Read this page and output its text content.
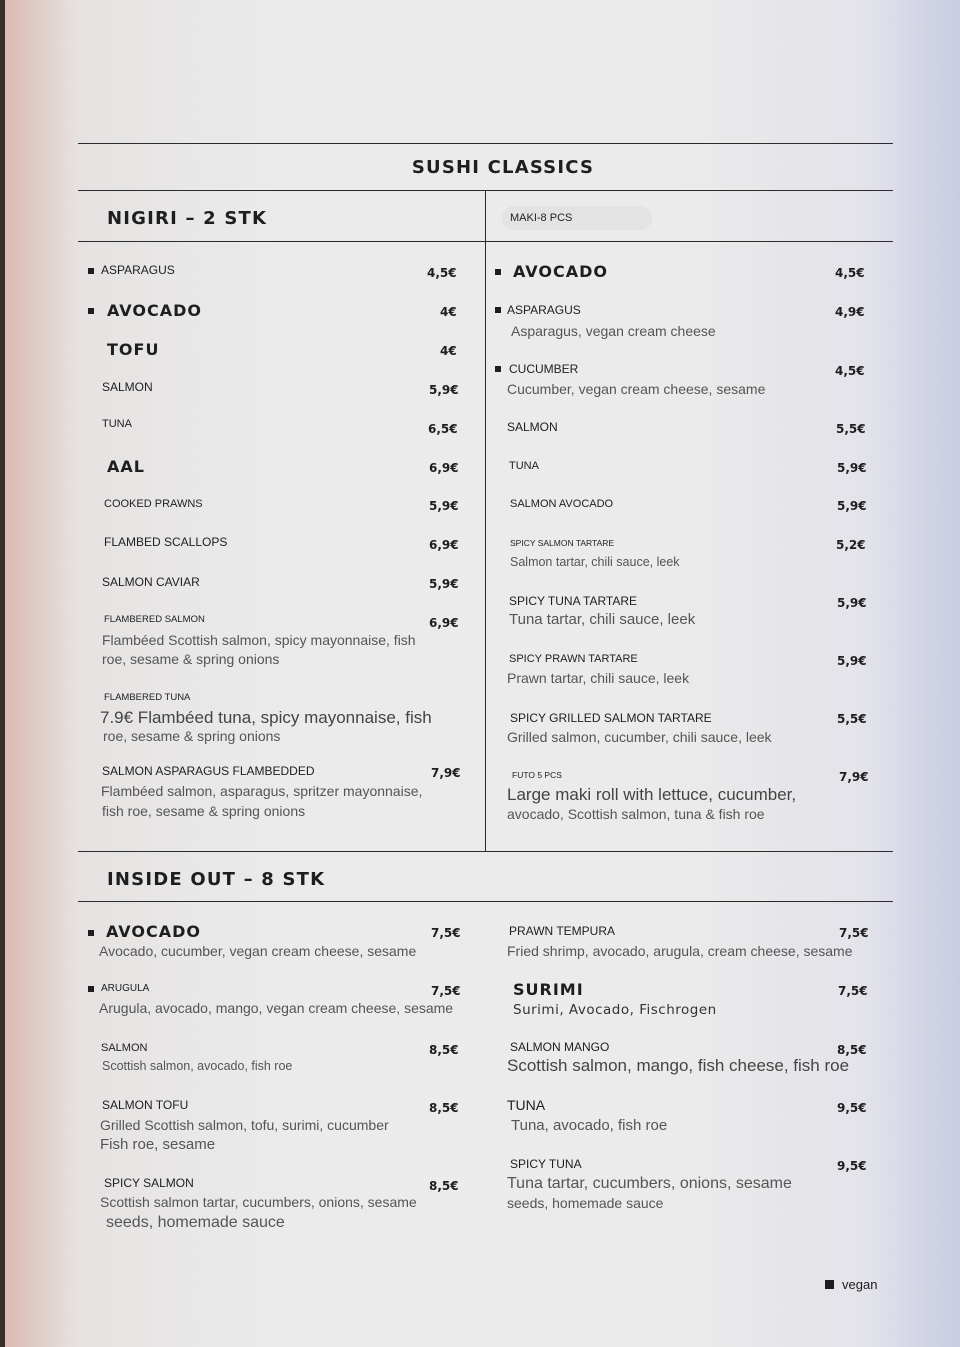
SUSHI CLASSICS
NIGIRI – 2 STK	MAKI-8 PCS
ASPARAGUS	4,5€
AVOCADO	4€
TOFU	4€
SALMON	5,9€
TUNA	6,5€
AAL	6,9€
COOKED PRAWNS	5,9€
FLAMBED SCALLOPS	6,9€
SALMON CAVIAR	5,9€
FLAMBERED SALMON	6,9€
Flambéed Scottish salmon, spicy mayonnaise, fish
roe, sesame & spring onions
FLAMBERED TUNA
7.9€ Flambéed tuna, spicy mayonnaise, fish
roe, sesame & spring onions
SALMON ASPARAGUS FLAMBEDDED	7,9€
Flambéed salmon, asparagus, spritzer mayonnaise,
fish roe, sesame & spring onions
AVOCADO	4,5€
ASPARAGUS	4,9€
Asparagus, vegan cream cheese
CUCUMBER	4,5€
Cucumber, vegan cream cheese, sesame
SALMON	5,5€
TUNA	5,9€
SALMON AVOCADO	5,9€
SPICY SALMON TARTARE	5,2€
Salmon tartar, chili sauce, leek
SPICY TUNA TARTARE	5,9€
Tuna tartar, chili sauce, leek
SPICY PRAWN TARTARE	5,9€
Prawn tartar, chili sauce, leek
SPICY GRILLED SALMON TARTARE	5,5€
Grilled salmon, cucumber, chili sauce, leek
FUTO 5 PCS	7,9€
Large maki roll with lettuce, cucumber,
avocado, Scottish salmon, tuna & fish roe
INSIDE OUT – 8 STK
AVOCADO	7,5€
Avocado, cucumber, vegan cream cheese, sesame
ARUGULA	7,5€
Arugula, avocado, mango, vegan cream cheese, sesame
SALMON	8,5€
Scottish salmon, avocado, fish roe
SALMON TOFU	8,5€
Grilled Scottish salmon, tofu, surimi, cucumber
Fish roe, sesame
SPICY SALMON	8,5€
Scottish salmon tartar, cucumbers, onions, sesame
seeds, homemade sauce
PRAWN TEMPURA	7,5€
Fried shrimp, avocado, arugula, cream cheese, sesame
SURIMI	7,5€
Surimi, Avocado, Fischrogen
SALMON MANGO	8,5€
Scottish salmon, mango, fish cheese, fish roe
TUNA	9,5€
Tuna, avocado, fish roe
SPICY TUNA	9,5€
Tuna tartar, cucumbers, onions, sesame
seeds, homemade sauce
vegan
